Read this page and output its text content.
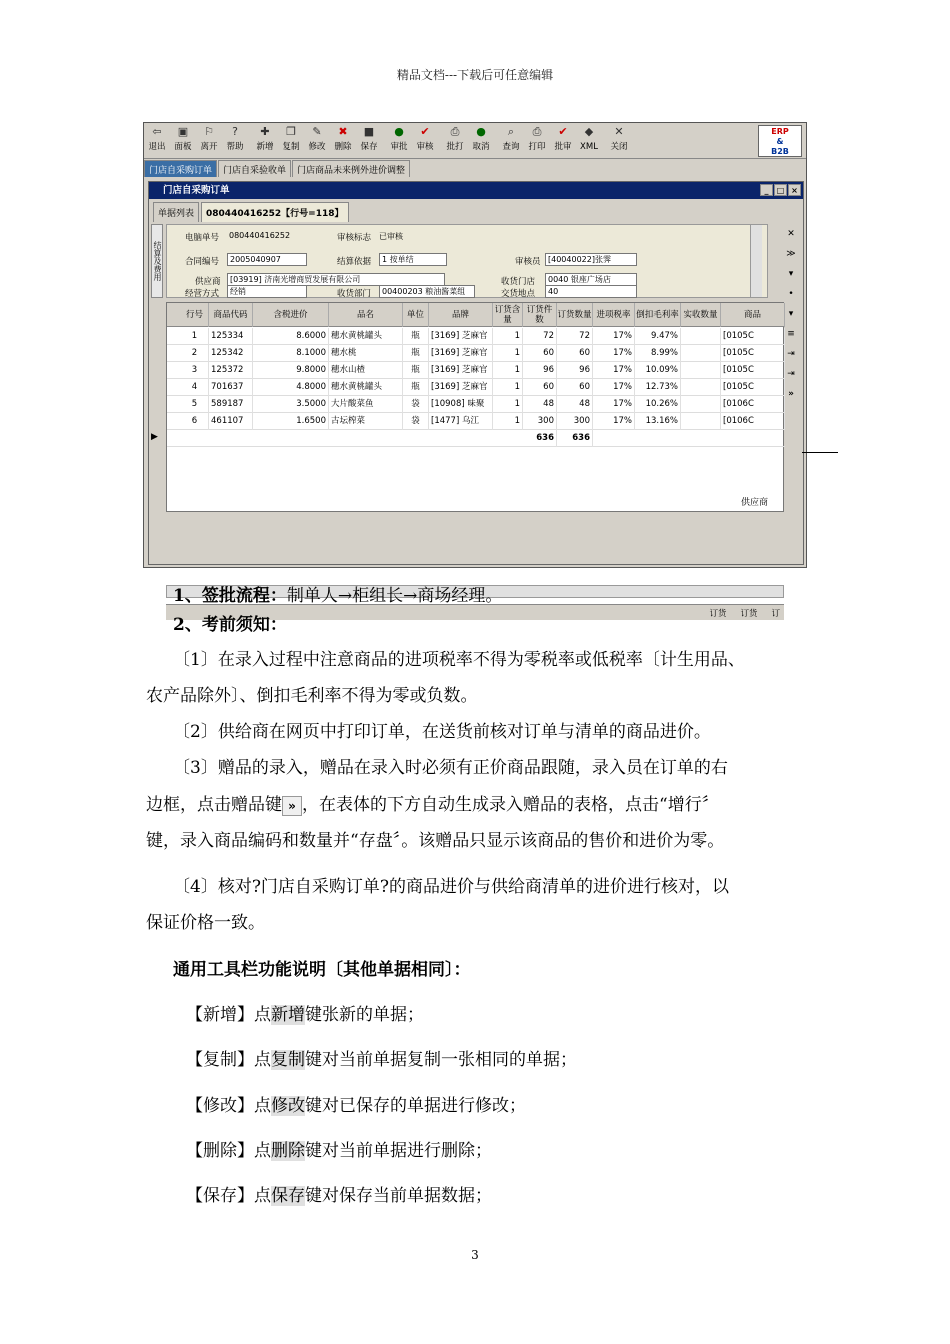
精品文档---下载后可任意编辑
⇦
退出
▣
面板
⚐
离开
?
帮助
✚
新增
❐
复制
✎
修改
✖
删除
■
保存
●
审批
✔
审核
⎙
批打
●
取消
⌕
查询
⎙
打印
✔
批审
◆
XML
✕
关闭
ERP
&
B2B
门店自采购订单	门店自采验收单	门店商品未来例外进价调整
门店自采购订单	_	□ ×
单据列表	080440416252【行号=118】
结算及费用
电脑单号 080440416252	审核标志 已审核
合同编号	2005040907	结算依据	1 按单结	审核员 [40040022]张霁
供应商	[03919] 济南光增商贸发展有限公司	收货门店	0040 银座广场店
经营方式	经销	收货部门	00400203 粮油酱菜组	交货地点	40
✕
≫
▾
•
▾
≡
⇥
⇥
»
行号	商品代码	含税进价	品名	单位	品牌	订货含量
订货件数	订货数量 进项税率 倒扣毛利率 实收数量	商品
1	125334	8.6000 穗水黄桃罐头	瓶	[3169] 芝麻官	1	72	72	17%	9.47%	[0105C
2	125342	8.1000 穗水桃	瓶	[3169] 芝麻官	1	60	60	17%	8.99%	[0105C
3	125372	9.8000 穗水山楂	瓶	[3169] 芝麻官	1	96	96	17%	10.09%	[0105C
4	701637	4.8000 穗水黄桃罐头	瓶	[3169] 芝麻官	1	60	60	17%	12.73%	[0105C
5	589187	3.5000 大片酸菜鱼	袋	[10908] 味聚	1	48	48	17%	10.26%	[0106C
6	461107	1.6500 古坛榨菜	袋	[1477] 乌江	1	300	300	17%	13.16%	[0106C
636	636
供应商
▶
订货 订货 订
1、签批流程：制单人→柜组长→商场经理。
2、考前须知：
〔1〕在录入过程中注意商品的进项税率不得为零税率或低税率〔计生用品、
农产品除外〕、倒扣毛利率不得为零或负数。
〔2〕供给商在网页中打印订单，在送货前核对订单与清单的商品进价。
〔3〕赠品的录入，赠品在录入时必须有正价商品跟随，录入员在订单的右
边框，点击赠品键 » ，在表体的下方自动生成录入赠品的表格，点击“增行〞
键，录入商品编码和数量并“存盘〞。该赠品只显示该商品的售价和进价为零。
〔4〕核对?门店自采购订单?的商品进价与供给商清单的进价进行核对，以
保证价格一致。
通用工具栏功能说明〔其他单据相同〕：
【新增】点新增键张新的单据；
【复制】点复制键对当前单据复制一张相同的单据；
【修改】点修改键对已保存的单据进行修改；
【删除】点删除键对当前单据进行删除；
【保存】点保存键对保存当前单据数据；
3
